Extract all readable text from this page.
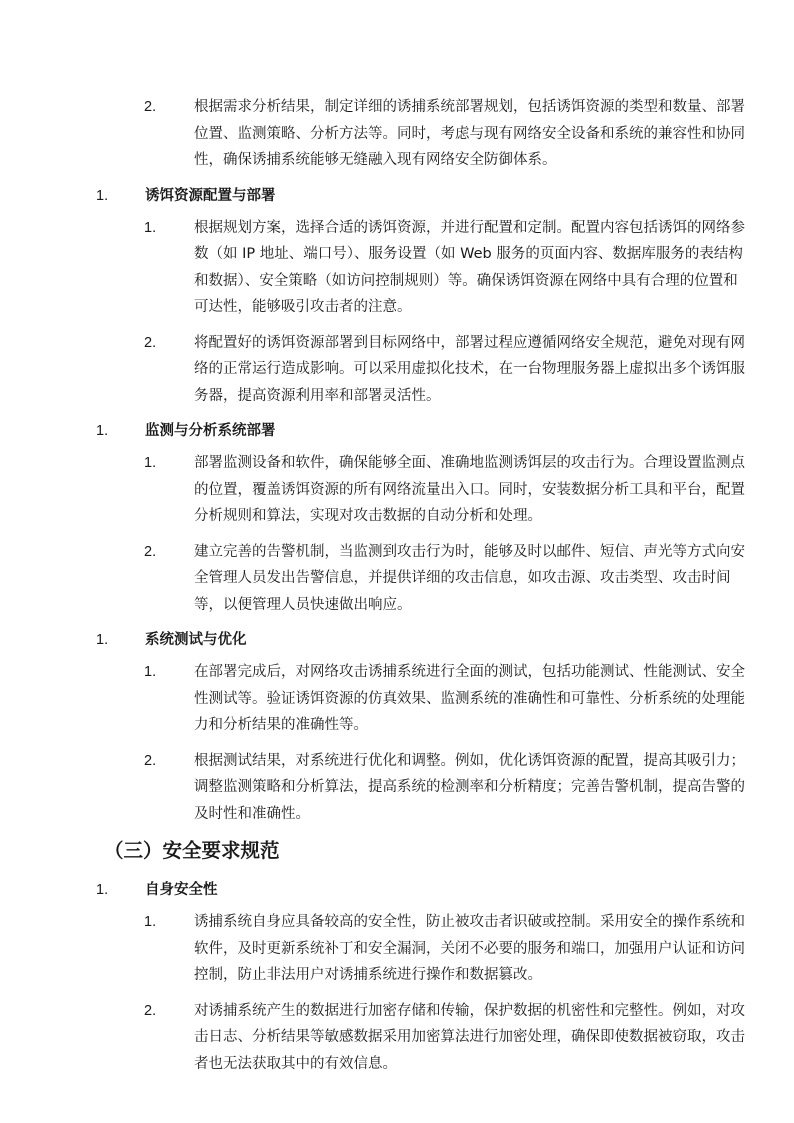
2.	根据需求分析结果，制定详细的诱捕系统部署规划，包括诱饵资源的类型和数量、部署位置、监测策略、分析方法等。同时，考虑与现有网络安全设备和系统的兼容性和协同性，确保诱捕系统能够无缝融入现有网络安全防御体系。
1.	诱饵资源配置与部署
1.	根据规划方案，选择合适的诱饵资源，并进行配置和定制。配置内容包括诱饵的网络参数（如 IP 地址、端口号）、服务设置（如 Web 服务的页面内容、数据库服务的表结构和数据）、安全策略（如访问控制规则）等。确保诱饵资源在网络中具有合理的位置和可达性，能够吸引攻击者的注意。
2.	将配置好的诱饵资源部署到目标网络中，部署过程应遵循网络安全规范，避免对现有网络的正常运行造成影响。可以采用虚拟化技术，在一台物理服务器上虚拟出多个诱饵服务器，提高资源利用率和部署灵活性。
1.	监测与分析系统部署
1.	部署监测设备和软件，确保能够全面、准确地监测诱饵层的攻击行为。合理设置监测点的位置，覆盖诱饵资源的所有网络流量出入口。同时，安装数据分析工具和平台，配置分析规则和算法，实现对攻击数据的自动分析和处理。
2.	建立完善的告警机制，当监测到攻击行为时，能够及时以邮件、短信、声光等方式向安全管理人员发出告警信息，并提供详细的攻击信息，如攻击源、攻击类型、攻击时间等，以便管理人员快速做出响应。
1.	系统测试与优化
1.	在部署完成后，对网络攻击诱捕系统进行全面的测试，包括功能测试、性能测试、安全性测试等。验证诱饵资源的仿真效果、监测系统的准确性和可靠性、分析系统的处理能力和分析结果的准确性等。
2.	根据测试结果，对系统进行优化和调整。例如，优化诱饵资源的配置，提高其吸引力；调整监测策略和分析算法，提高系统的检测率和分析精度；完善告警机制，提高告警的及时性和准确性。
（三）安全要求规范
1.	自身安全性
1.	诱捕系统自身应具备较高的安全性，防止被攻击者识破或控制。采用安全的操作系统和软件，及时更新系统补丁和安全漏洞，关闭不必要的服务和端口，加强用户认证和访问控制，防止非法用户对诱捕系统进行操作和数据篡改。
2.	对诱捕系统产生的数据进行加密存储和传输，保护数据的机密性和完整性。例如，对攻击日志、分析结果等敏感数据采用加密算法进行加密处理，确保即使数据被窃取，攻击者也无法获取其中的有效信息。
